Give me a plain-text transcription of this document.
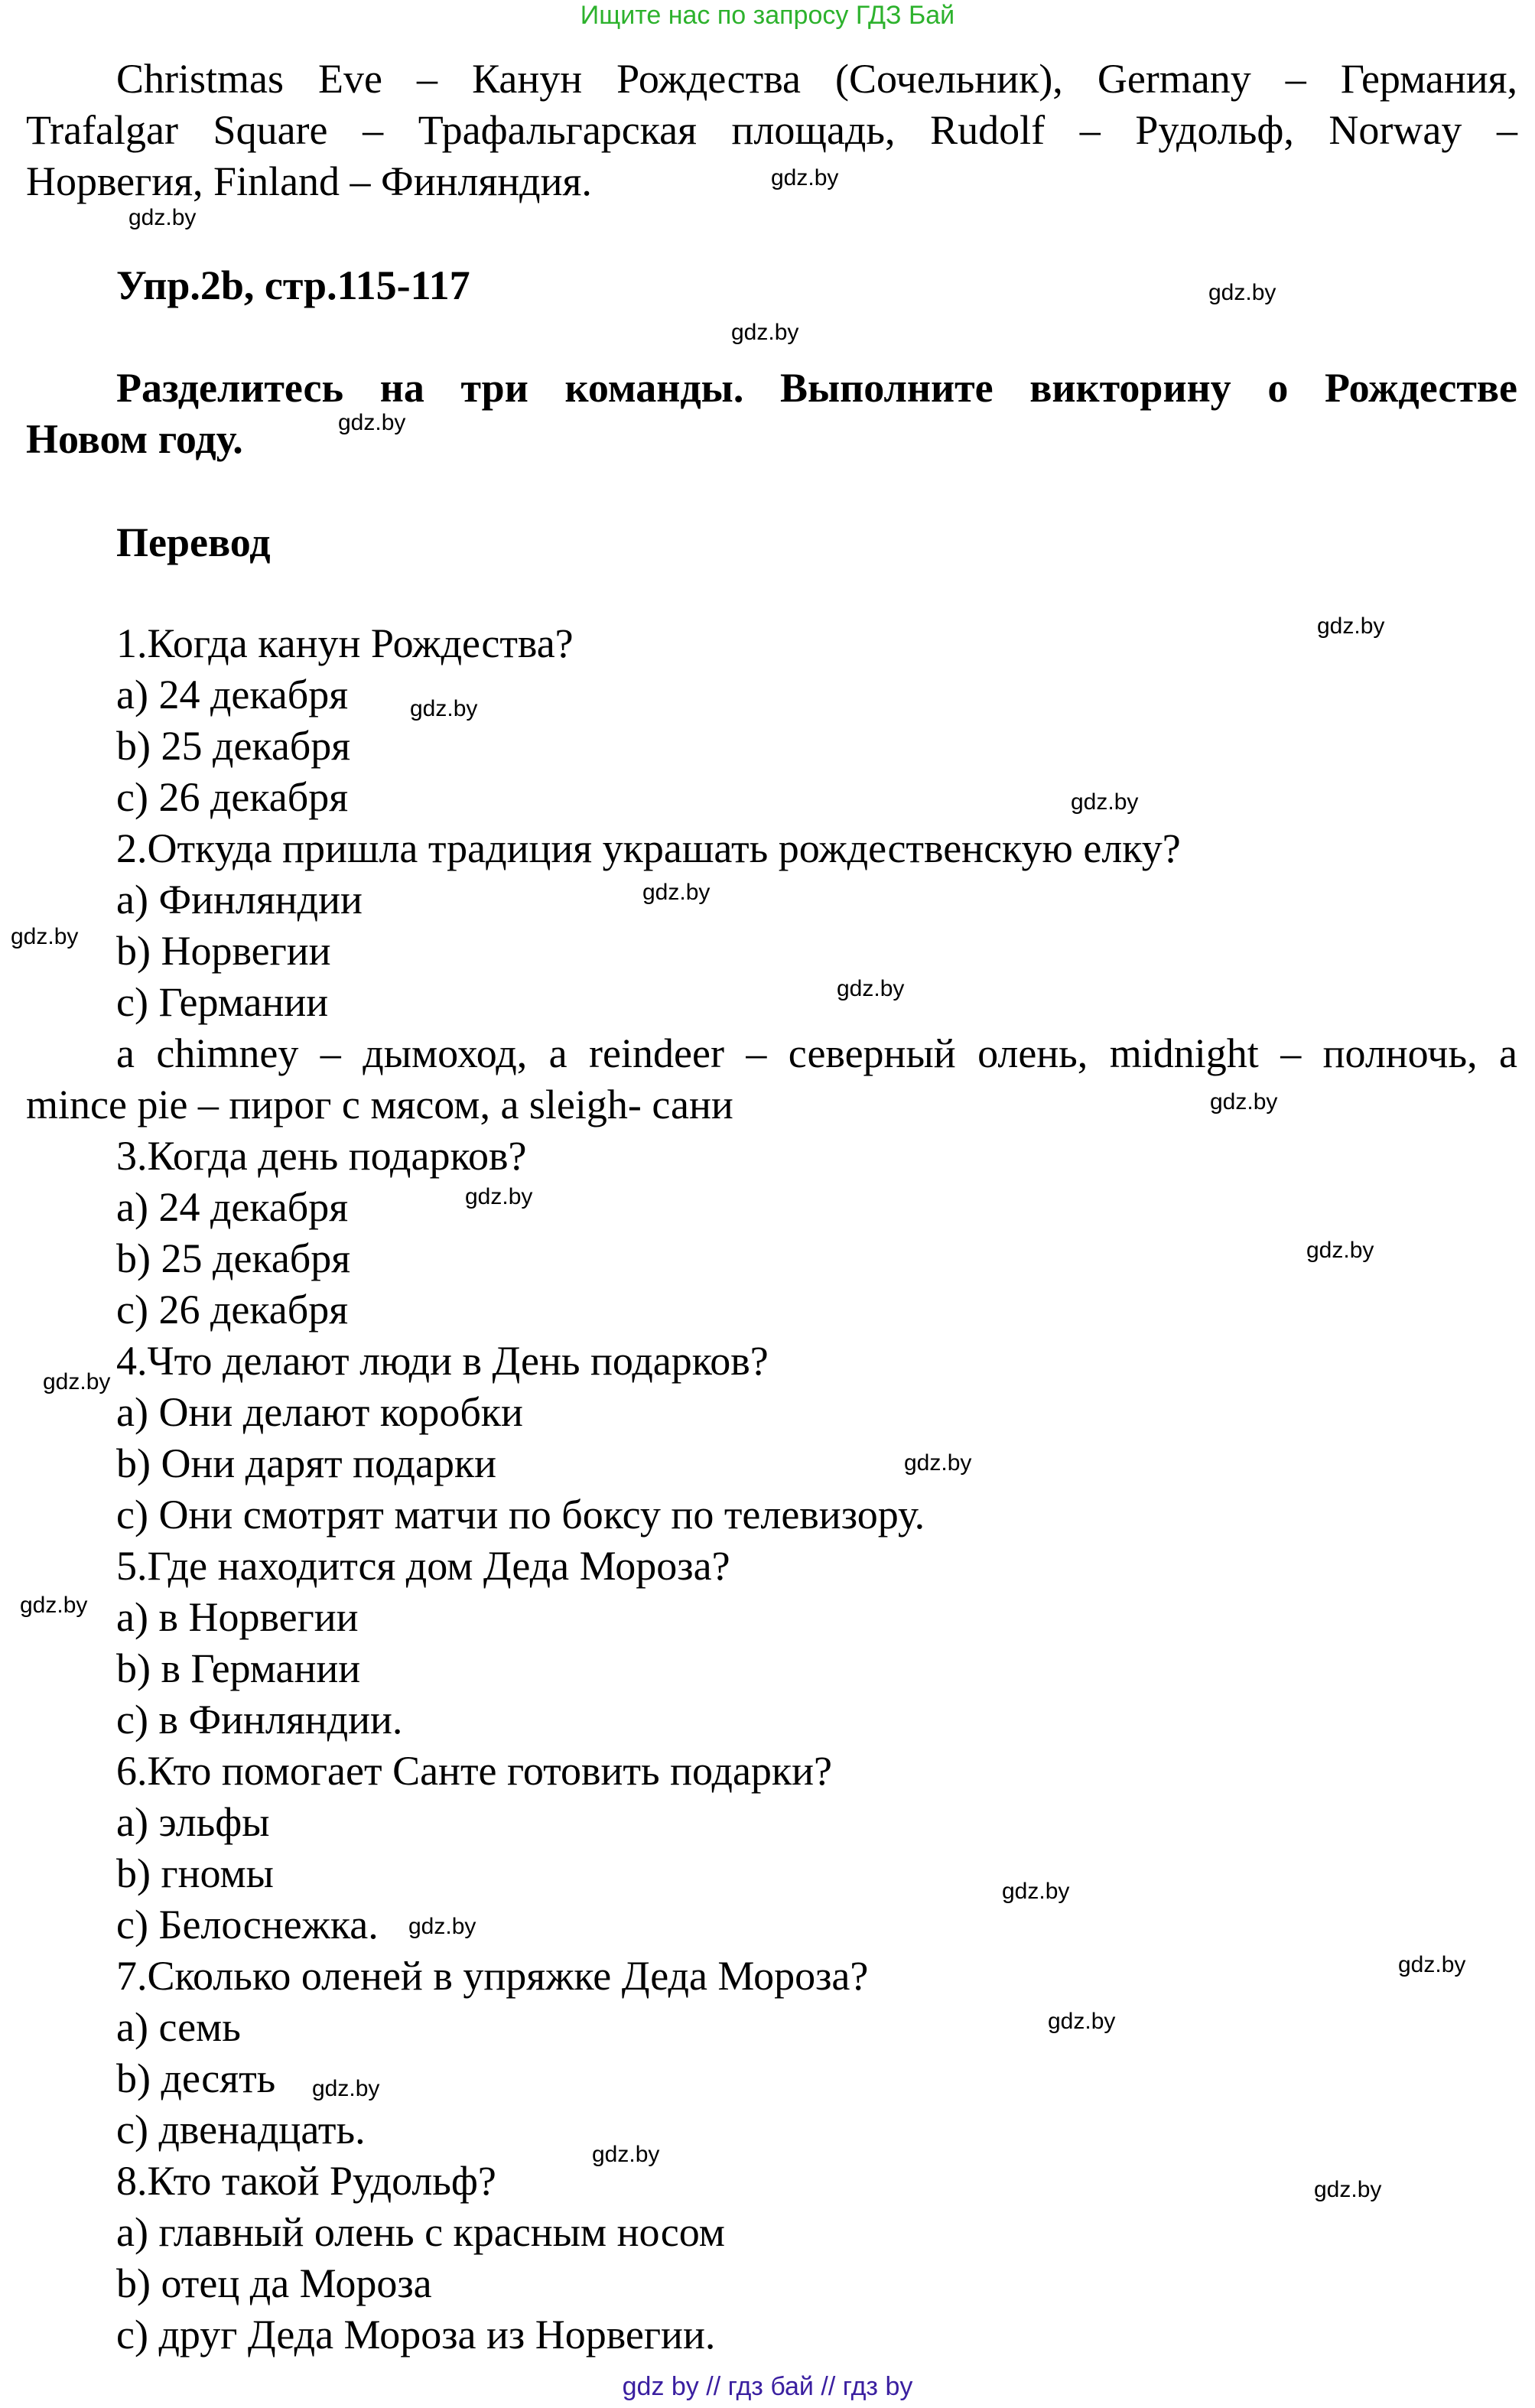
Ищите нас по запросу ГДЗ Бай
Christmas Eve – Канун Рождества (Сочельник), Germany – Германия,
Trafalgar Square – Трафальгарская площадь, Rudolf – Рудольф, Norway –
Норвегия, Finland – Финляндия.
Упр.2b, стр.115-117
Разделитесь на три команды. Выполните викторину о Рождестве
Новом году.
Перевод
1.Когда канун Рождества?
a) 24 декабря
b) 25 декабря
c) 26 декабря
2.Откуда пришла традиция украшать рождественскую елку?
a) Финляндии
b) Норвегии
c) Германии
a chimney – дымоход, a reindeer – северный олень, midnight – полночь, a
mince pie – пирог с мясом, a sleigh- сани
3.Когда день подарков?
a) 24 декабря
b) 25 декабря
c) 26 декабря
4.Что делают люди в День подарков?
a) Они делают коробки
b) Они дарят подарки
c) Они смотрят матчи по боксу по телевизору.
5.Где находится дом Деда Мороза?
a) в Норвегии
b) в Германии
c) в Финляндии.
6.Кто помогает Санте готовить подарки?
a) эльфы
b) гномы
c) Белоснежка.
7.Сколько оленей в упряжке Деда Мороза?
a) семь
b) десять
c) двенадцать.
8.Кто такой Рудольф?
a) главный олень с красным носом
b) отец да Мороза
c) друг Деда Мороза из Норвегии.
gdz.by
gdz.by
gdz.by
gdz.by
gdz.by
gdz.by
gdz.by
gdz.by
gdz.by
gdz.by
gdz.by
gdz.by
gdz.by
gdz.by
gdz.by
gdz.by
gdz.by
gdz.by
gdz.by
gdz.by
gdz.by
gdz.by
gdz.by
gdz.by
gdz by // гдз бай // гдз by
